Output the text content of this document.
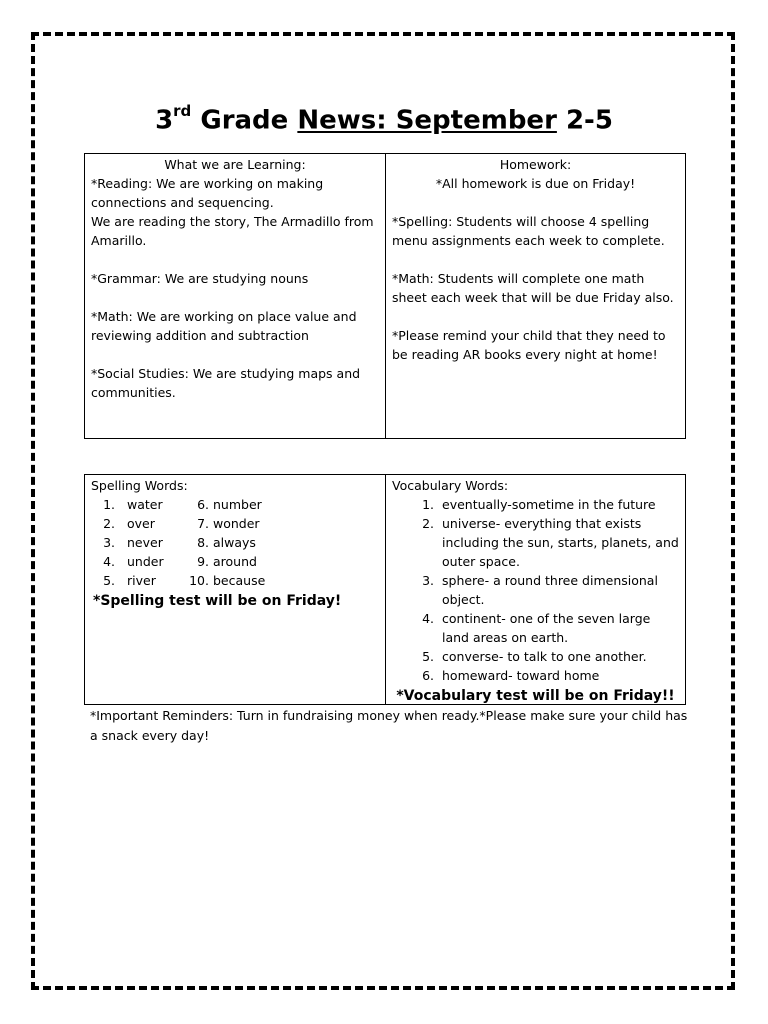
3rd Grade News: September 2-5
What we are Learning:
*Reading: We are working on making connections and sequencing.
We are reading the story, The Armadillo from Amarillo.
*Grammar: We are studying nouns
*Math: We are working on place value and reviewing addition and subtraction
*Social Studies: We are studying maps and communities.
Homework:
*All homework is due on Friday!
*Spelling: Students will choose 4 spelling menu assignments each week to complete.
*Math: Students will complete one math sheet each week that will be due Friday also.
*Please remind your child that they need to be reading AR books every night at home!
Spelling Words:
1. water	6. number
2. over	7. wonder
3. never	8. always
4. under	9. around
5. river	10. because
*Spelling test will be on Friday!
Vocabulary Words:
1. eventually-sometime in the future
2. universe- everything that exists including the sun, starts, planets, and outer space.
3. sphere- a round three dimensional object.
4. continent- one of the seven large land areas on earth.
5. converse- to talk to one another.
6. homeward- toward home
*Vocabulary test will be on Friday!!
*Important Reminders: Turn in fundraising money when ready.*Please make sure your child has a snack every day!
